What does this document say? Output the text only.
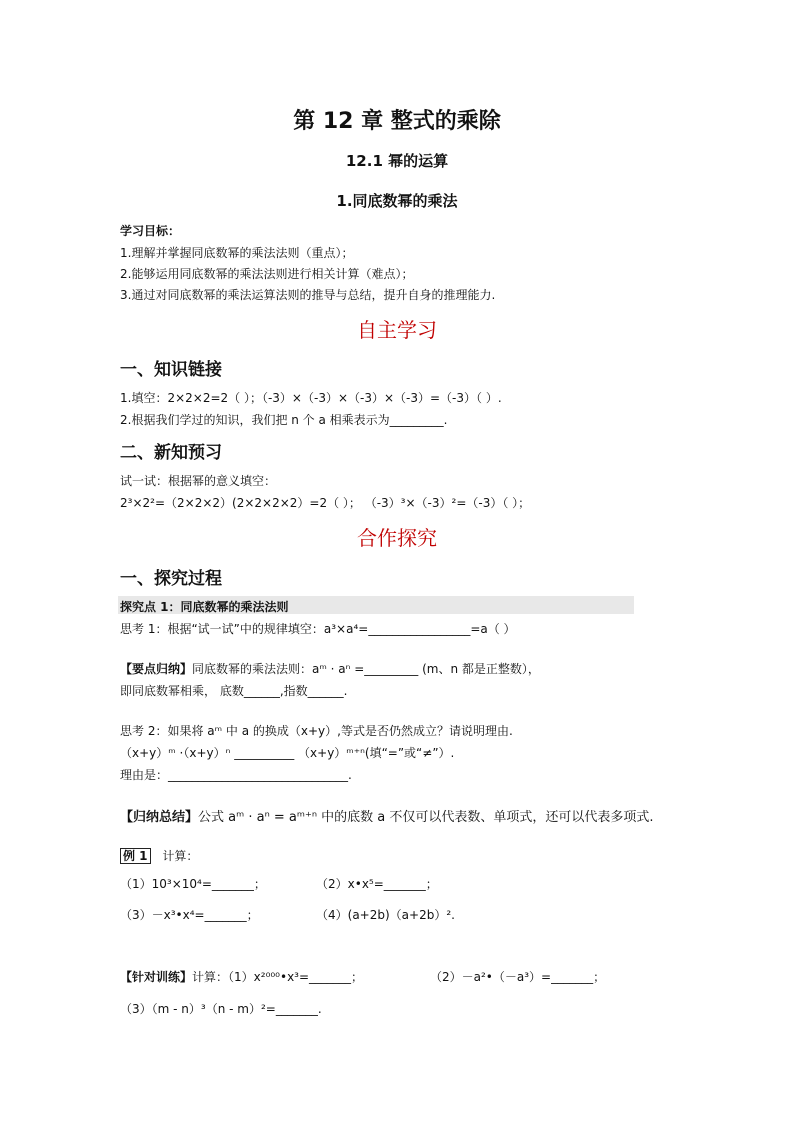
第 12 章 整式的乘除
12.1 幂的运算
1.同底数幂的乘法
学习目标：
1.理解并掌握同底数幂的乘法法则（重点）；
2.能够运用同底数幂的乘法法则进行相关计算（难点）；
3.通过对同底数幂的乘法运算法则的推导与总结，提升自身的推理能力.
自主学习
一、知识链接
1.填空：2×2×2=2（ ）；（-3）×（-3）×（-3）×（-3）=（-3）（ ）.
2.根据我们学过的知识，我们把 n 个 a 相乘表示为_________.
二、新知预习
试一试：根据幂的意义填空：
2³×2²=（2×2×2）(2×2×2×2）=2（ ）； （-3）³×（-3）²=（-3）（ ）；
合作探究
一、探究过程
探究点 1：同底数幂的乘法法则
思考 1：根据“试一试”中的规律填空：a³×a⁴=_________________=a（ ）
【要点归纳】同底数幂的乘法法则：aᵐ · aⁿ =_________ (m、n 都是正整数），
即同底数幂相乘， 底数______,指数______.
思考 2：如果将 aᵐ 中 a 的换成（x+y）,等式是否仍然成立？请说明理由.
（x+y）ᵐ ·（x+y）ⁿ __________ （x+y）ᵐ⁺ⁿ(填“=”或“≠”）.
理由是：______________________________.
【归纳总结】公式 aᵐ · aⁿ = aᵐ⁺ⁿ 中的底数 a 不仅可以代表数、单项式，还可以代表多项式.
例 1 计算：
（1）10³×10⁴=_______；	（2）x•x⁵=_______；
（3）－x³•x⁴=_______；	（4）(a+2b)（a+2b）².
【针对训练】计算：（1）x²⁰⁰⁰•x³=_______；	（2）－a²•（－a³）=_______；
（3）（m - n）³（n - m）²=_______.
